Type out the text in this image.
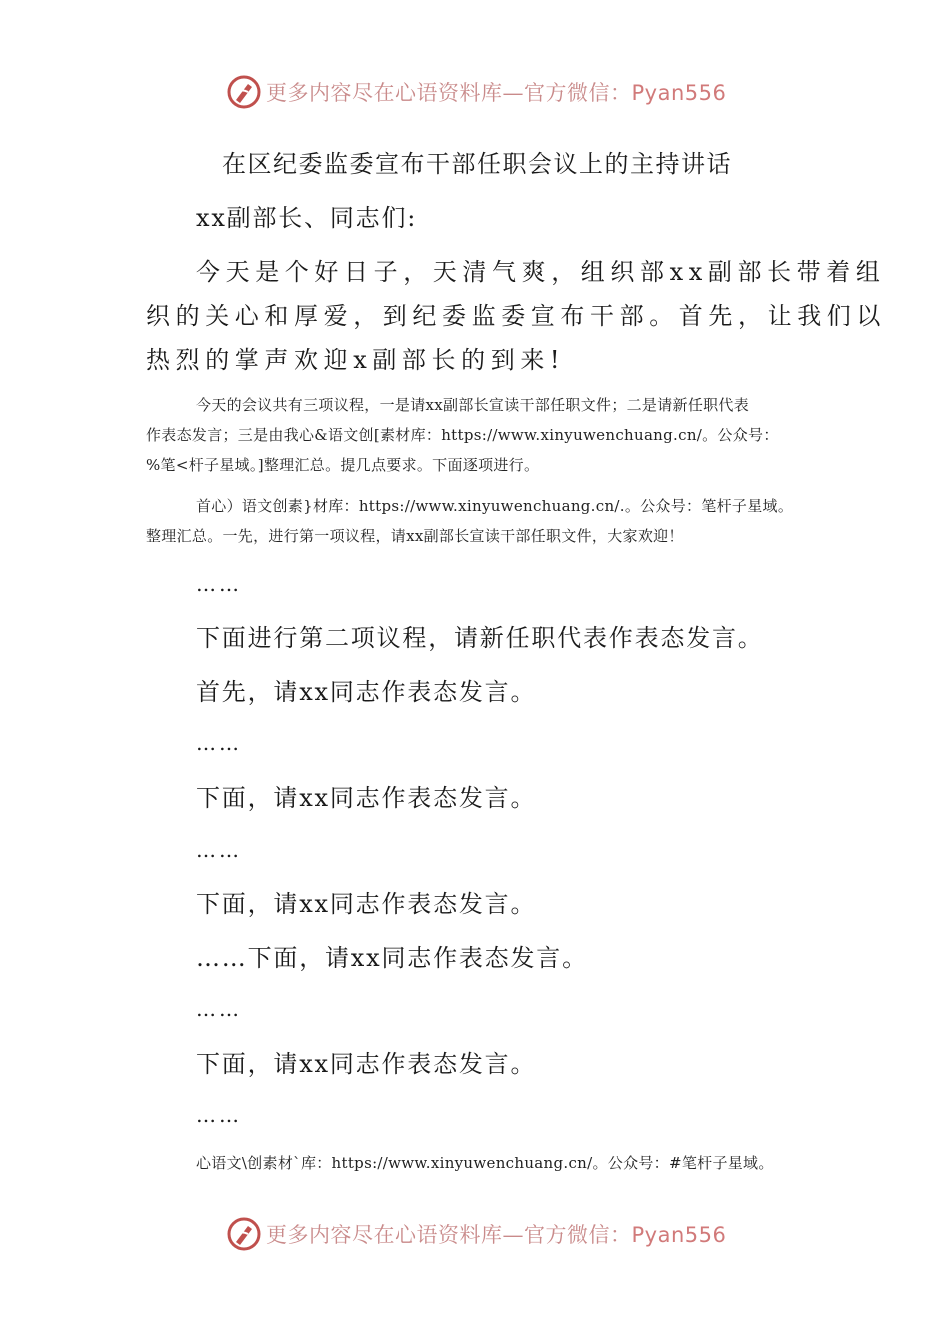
更多内容尽在心语资料库—官方微信：Pyan556

在区纪委监委宣布干部任职会议上的主持讲话

xx副部长、同志们:

今天是个好日子，天清气爽，组织部xx副部长带着组

织的关心和厚爱，到纪委监委宣布干部。首先，让我们以

热烈的掌声欢迎x副部长的到来!

今天的会议共有三项议程，一是请xx副部长宣读干部任职文件；二是请新任职代表

作表态发言；三是由我心&语文创[素材库：https://www.xinyuwenchuang.cn/。公众号：

%笔<杆子星域。]整理汇总。提几点要求。下面逐项进行。

首心）语文创素}材库：https://www.xinyuwenchuang.cn/.。公众号：笔杆子星域。

整理汇总。一先，进行第一项议程，请xx副部长宣读干部任职文件，大家欢迎！

……

下面进行第二项议程，请新任职代表作表态发言。

首先，请xx同志作表态发言。

……

下面，请xx同志作表态发言。

……

下面，请xx同志作表态发言。

……下面，请xx同志作表态发言。

……

下面，请xx同志作表态发言。

……

心语文\创素材`库：https://www.xinyuwenchuang.cn/。公众号：#笔杆子星域。

更多内容尽在心语资料库—官方微信：Pyan556
